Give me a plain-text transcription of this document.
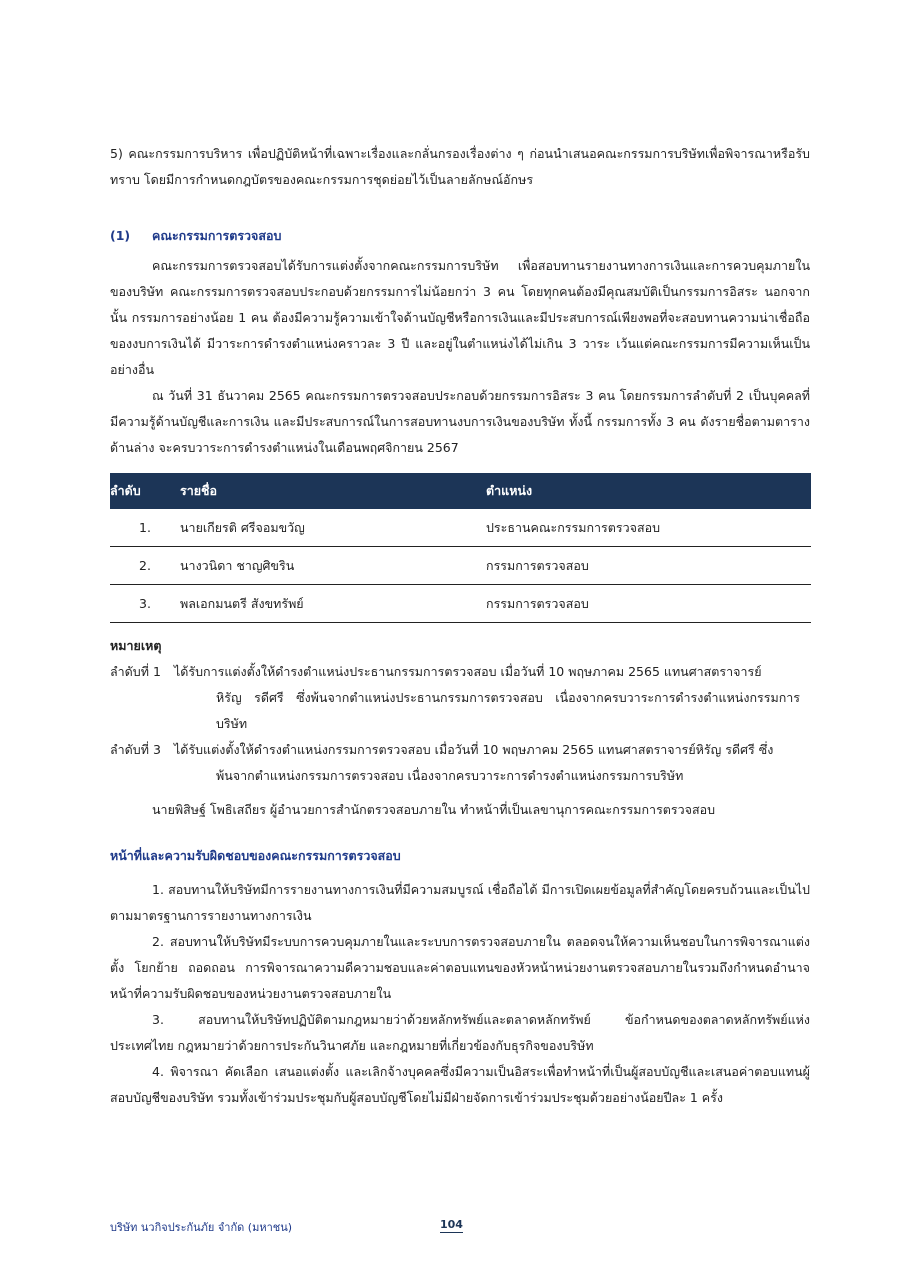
5) คณะกรรมการบริหาร เพื่อปฏิบัติหน้าที่เฉพาะเรื่องและกลั่นกรองเรื่องต่าง ๆ ก่อนนำเสนอคณะกรรมการบริษัทเพื่อพิจารณาหรือรับทราบ โดยมีการกำหนดกฎบัตรของคณะกรรมการชุดย่อยไว้เป็นลายลักษณ์อักษร

(1) คณะกรรมการตรวจสอบ

คณะกรรมการตรวจสอบได้รับการแต่งตั้งจากคณะกรรมการบริษัท เพื่อสอบทานรายงานทางการเงินและการควบคุมภายในของบริษัท คณะกรรมการตรวจสอบประกอบด้วยกรรมการไม่น้อยกว่า 3 คน โดยทุกคนต้องมีคุณสมบัติเป็นกรรมการอิสระ นอกจากนั้น กรรมการอย่างน้อย 1 คน ต้องมีความรู้ความเข้าใจด้านบัญชีหรือการเงินและมีประสบการณ์เพียงพอที่จะสอบทานความน่าเชื่อถือของงบการเงินได้ มีวาระการดำรงตำแหน่งคราวละ 3 ปี และอยู่ในตำแหน่งได้ไม่เกิน 3 วาระ เว้นแต่คณะกรรมการมีความเห็นเป็นอย่างอื่น

ณ วันที่ 31 ธันวาคม 2565 คณะกรรมการตรวจสอบประกอบด้วยกรรมการอิสระ 3 คน โดยกรรมการลำดับที่ 2 เป็นบุคคลที่มีความรู้ด้านบัญชีและการเงิน และมีประสบการณ์ในการสอบทานงบการเงินของบริษัท ทั้งนี้ กรรมการทั้ง 3 คน ดังรายชื่อตามตารางด้านล่าง จะครบวาระการดำรงตำแหน่งในเดือนพฤศจิกายน 2567

ลำดับ	รายชื่อ	ตำแหน่ง
1.	นายเกียรติ ศรีจอมขวัญ	ประธานคณะกรรมการตรวจสอบ
2.	นางวนิดา ชาญศิขริน	กรรมการตรวจสอบ
3.	พลเอกมนตรี สังขทรัพย์	กรรมการตรวจสอบ

หมายเหตุ

ลำดับที่ 1	ได้รับการแต่งตั้งให้ดำรงตำแหน่งประธานกรรมการตรวจสอบ เมื่อวันที่ 10 พฤษภาคม 2565 แทนศาสตราจารย์
หิรัญ รดีศรี ซึ่งพ้นจากตำแหน่งประธานกรรมการตรวจสอบ เนื่องจากครบวาระการดำรงตำแหน่งกรรมการบริษัท
ลำดับที่ 3	ได้รับแต่งตั้งให้ดำรงตำแหน่งกรรมการตรวจสอบ เมื่อวันที่ 10 พฤษภาคม 2565 แทนศาสตราจารย์หิรัญ รดีศรี ซึ่ง
พ้นจากตำแหน่งกรรมการตรวจสอบ เนื่องจากครบวาระการดำรงตำแหน่งกรรมการบริษัท

นายพิสิษฐ์ โพธิเสถียร ผู้อำนวยการสำนักตรวจสอบภายใน ทำหน้าที่เป็นเลขานุการคณะกรรมการตรวจสอบ

หน้าที่และความรับผิดชอบของคณะกรรมการตรวจสอบ

1. สอบทานให้บริษัทมีการรายงานทางการเงินที่มีความสมบูรณ์ เชื่อถือได้ มีการเปิดเผยข้อมูลที่สำคัญโดยครบถ้วนและเป็นไปตามมาตรฐานการรายงานทางการเงิน

2. สอบทานให้บริษัทมีระบบการควบคุมภายในและระบบการตรวจสอบภายใน ตลอดจนให้ความเห็นชอบในการพิจารณาแต่งตั้ง โยกย้าย ถอดถอน การพิจารณาความดีความชอบและค่าตอบแทนของหัวหน้าหน่วยงานตรวจสอบภายในรวมถึงกำหนดอำนาจหน้าที่ความรับผิดชอบของหน่วยงานตรวจสอบภายใน

3. สอบทานให้บริษัทปฏิบัติตามกฎหมายว่าด้วยหลักทรัพย์และตลาดหลักทรัพย์ ข้อกำหนดของตลาดหลักทรัพย์แห่งประเทศไทย กฎหมายว่าด้วยการประกันวินาศภัย และกฎหมายที่เกี่ยวข้องกับธุรกิจของบริษัท

4. พิจารณา คัดเลือก เสนอแต่งตั้ง และเลิกจ้างบุคคลซึ่งมีความเป็นอิสระเพื่อทำหน้าที่เป็นผู้สอบบัญชีและเสนอค่าตอบแทนผู้สอบบัญชีของบริษัท รวมทั้งเข้าร่วมประชุมกับผู้สอบบัญชีโดยไม่มีฝ่ายจัดการเข้าร่วมประชุมด้วยอย่างน้อยปีละ 1 ครั้ง

บริษัท นวกิจประกันภัย จำกัด (มหาชน)	104
